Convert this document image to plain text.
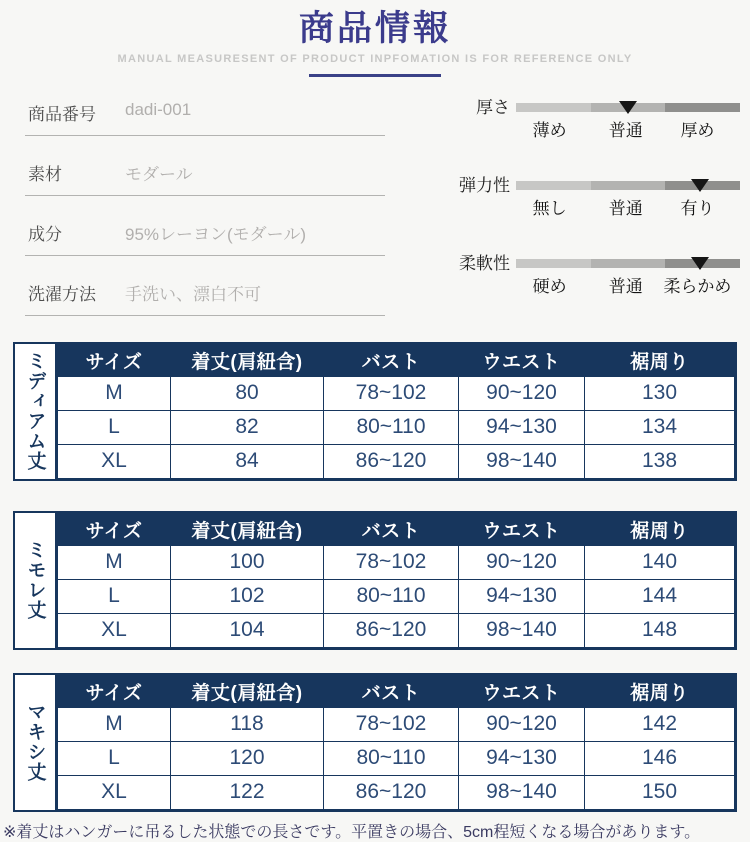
商品情報
MANUAL MEASURESENT OF PRODUCT INPFOMATION IS FOR REFERENCE ONLY
商品番号	dadi-001
素材	モダール
成分	95%レーヨン(モダール)
洗濯方法	手洗い、漂白不可
厚さ
薄め 普通 厚め
弾力性
無し 普通 有り
柔軟性
硬め 普通 柔らかめ
ミディアム丈	サイズ	着丈(肩紐含)	バスト	ウエスト	裾周り
M	80	78~102	90~120	130
L	82	80~110	94~130	134
XL	84	86~120	98~140	138
ミモレ丈
サイズ	着丈(肩紐含)	バスト	ウエスト	裾周り
M	100	78~102	90~120	140
L	102	80~110	94~130	144
XL	104	86~120	98~140	148
マキシ丈
サイズ	着丈(肩紐含)	バスト	ウエスト	裾周り
M	118	78~102	90~120	142
L	120	80~110	94~130	146
XL	122	86~120	98~140	150
※着丈はハンガーに吊るした状態での長さです。平置きの場合、5cm程短くなる場合があります。
